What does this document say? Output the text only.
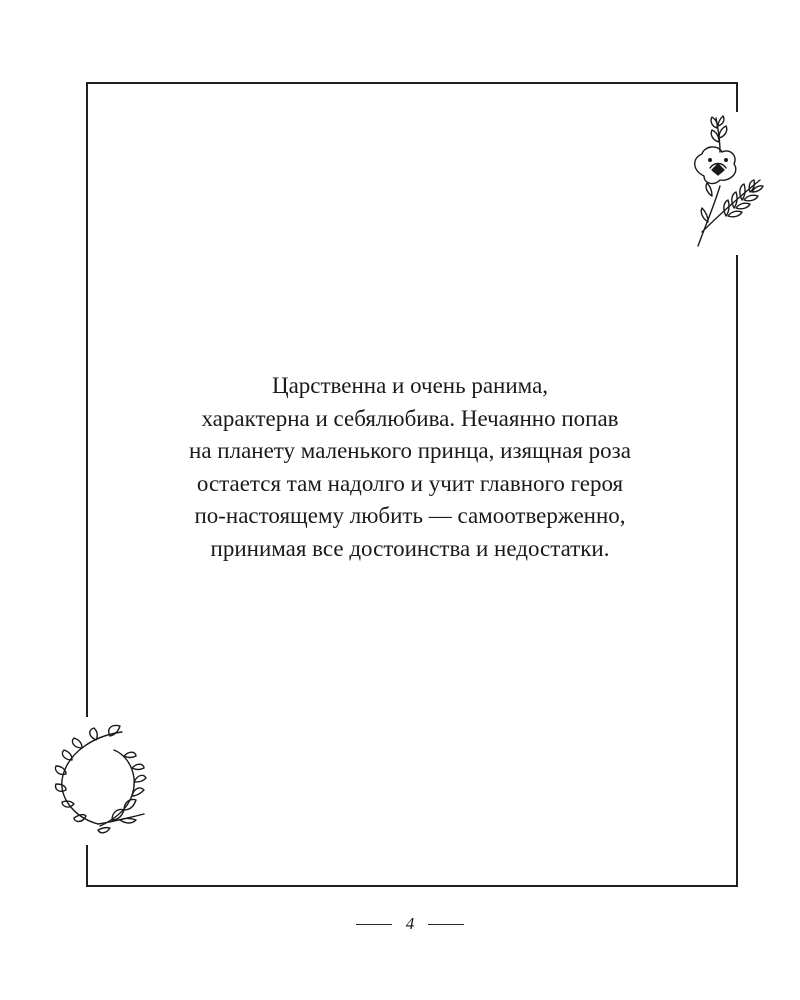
Царственна и очень ранима,
характерна и себялюбива. Нечаянно попав
на планету маленького принца, изящная роза
остается там надолго и учит главного героя
по-настоящему любить — самоотверженно,
принимая все достоинства и недостатки.
4
